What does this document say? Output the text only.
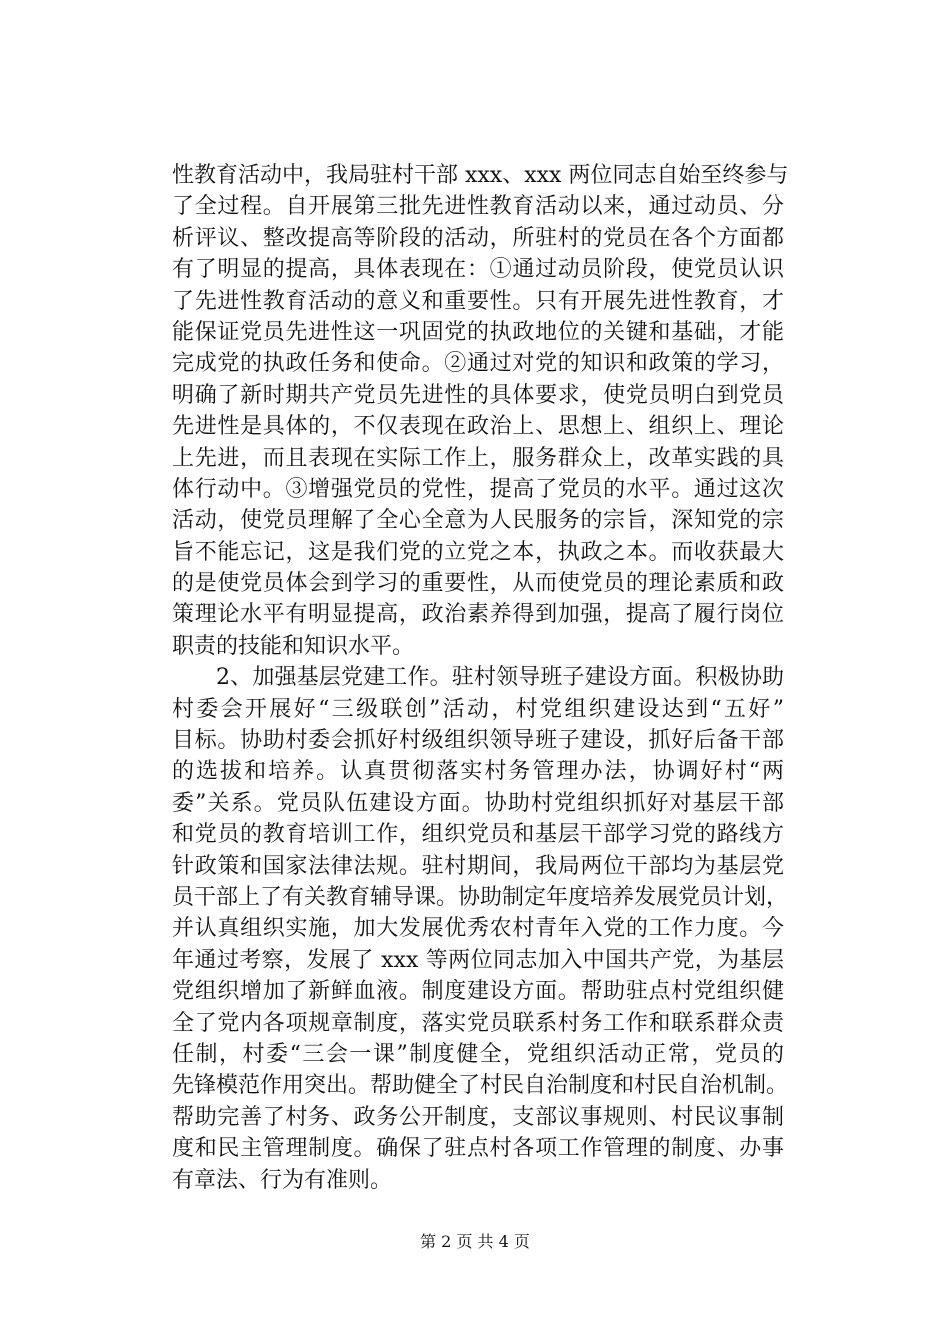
性教育活动中，我局驻村干部 xxx、xxx 两位同志自始至终参与
了全过程。自开展第三批先进性教育活动以来，通过动员、分
析评议、整改提高等阶段的活动，所驻村的党员在各个方面都
有了明显的提高，具体表现在：①通过动员阶段，使党员认识
了先进性教育活动的意义和重要性。只有开展先进性教育，才
能保证党员先进性这一巩固党的执政地位的关键和基础，才能
完成党的执政任务和使命。②通过对党的知识和政策的学习，
明确了新时期共产党员先进性的具体要求，使党员明白到党员
先进性是具体的，不仅表现在政治上、思想上、组织上、理论
上先进，而且表现在实际工作上，服务群众上，改革实践的具
体行动中。③增强党员的党性，提高了党员的水平。通过这次
活动，使党员理解了全心全意为人民服务的宗旨，深知党的宗
旨不能忘记，这是我们党的立党之本，执政之本。而收获最大
的是使党员体会到学习的重要性，从而使党员的理论素质和政
策理论水平有明显提高，政治素养得到加强，提高了履行岗位
职责的技能和知识水平。
2、加强基层党建工作。驻村领导班子建设方面。积极协助
村委会开展好“三级联创”活动，村党组织建设达到“五好”
目标。协助村委会抓好村级组织领导班子建设，抓好后备干部
的选拔和培养。认真贯彻落实村务管理办法，协调好村“两
委”关系。党员队伍建设方面。协助村党组织抓好对基层干部
和党员的教育培训工作，组织党员和基层干部学习党的路线方
针政策和国家法律法规。驻村期间，我局两位干部均为基层党
员干部上了有关教育辅导课。协助制定年度培养发展党员计划，
并认真组织实施，加大发展优秀农村青年入党的工作力度。今
年通过考察，发展了 xxx 等两位同志加入中国共产党，为基层
党组织增加了新鲜血液。制度建设方面。帮助驻点村党组织健
全了党内各项规章制度，落实党员联系村务工作和联系群众责
任制，村委“三会一课”制度健全，党组织活动正常，党员的
先锋模范作用突出。帮助健全了村民自治制度和村民自治机制。
帮助完善了村务、政务公开制度，支部议事规则、村民议事制
度和民主管理制度。确保了驻点村各项工作管理的制度、办事
有章法、行为有准则。
第 2 页 共 4 页
